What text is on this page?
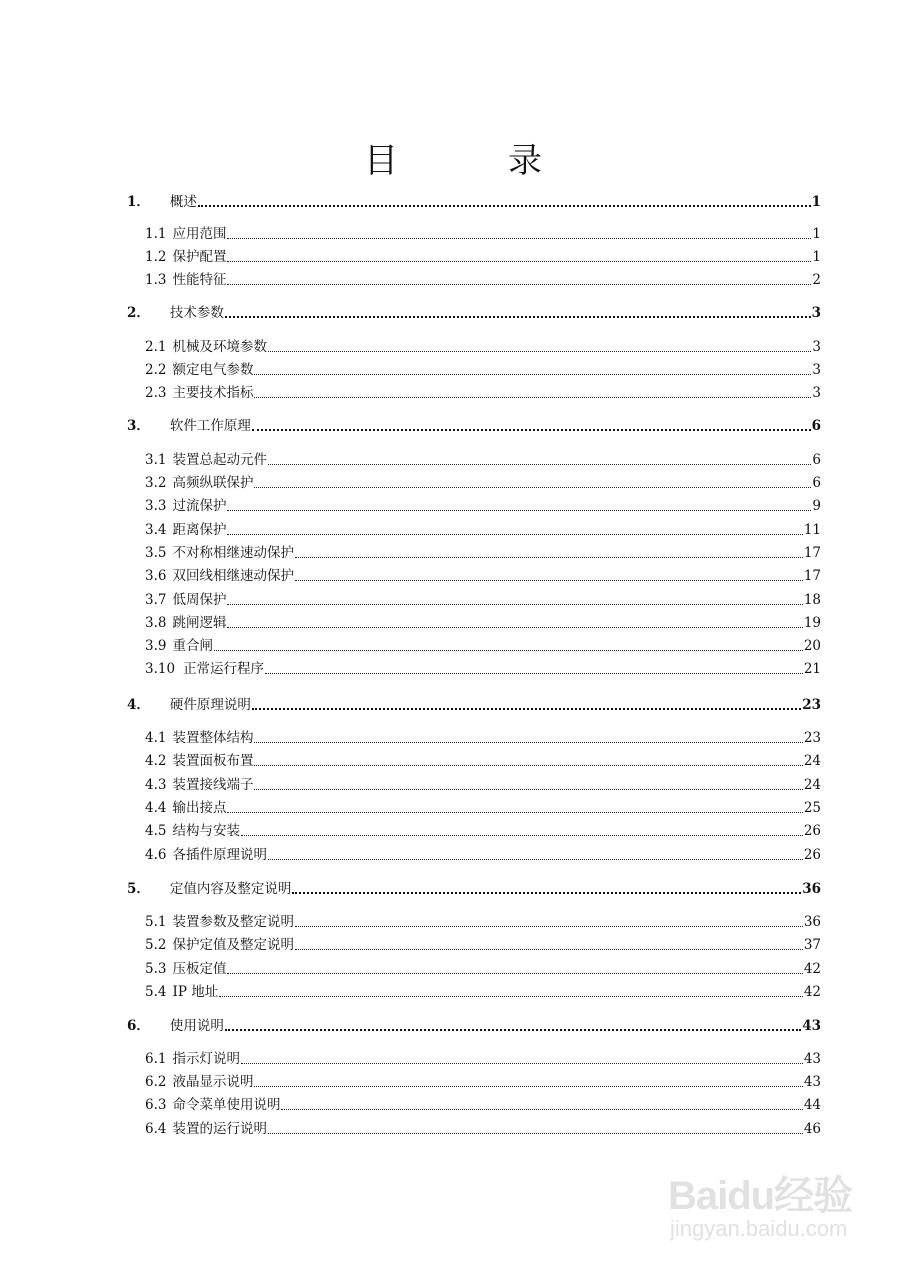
目　录
1． 概述	1
1.1 应用范围	1
1.2 保护配置	1
1.3 性能特征	2
2． 技术参数	3
2.1 机械及环境参数	3
2.2 额定电气参数	3
2.3 主要技术指标	3
3． 软件工作原理	6
3.1 装置总起动元件	6
3.2 高频纵联保护	6
3.3 过流保护	9
3.4 距离保护	11
3.5 不对称相继速动保护	17
3.6 双回线相继速动保护	17
3.7 低周保护	18
3.8 跳闸逻辑	19
3.9 重合闸	20
3.10 正常运行程序	21
4． 硬件原理说明	23
4.1 装置整体结构	23
4.2 装置面板布置	24
4.3 装置接线端子	24
4.4 输出接点	25
4.5 结构与安装	26
4.6 各插件原理说明	26
5． 定值内容及整定说明	36
5.1 装置参数及整定说明	36
5.2 保护定值及整定说明	37
5.3 压板定值	42
5.4 IP 地址	42
6． 使用说明	43
6.1 指示灯说明	43
6.2 液晶显示说明	43
6.3 命令菜单使用说明	44
6.4 装置的运行说明	46
Baidu经验
jingyan.baidu.com
